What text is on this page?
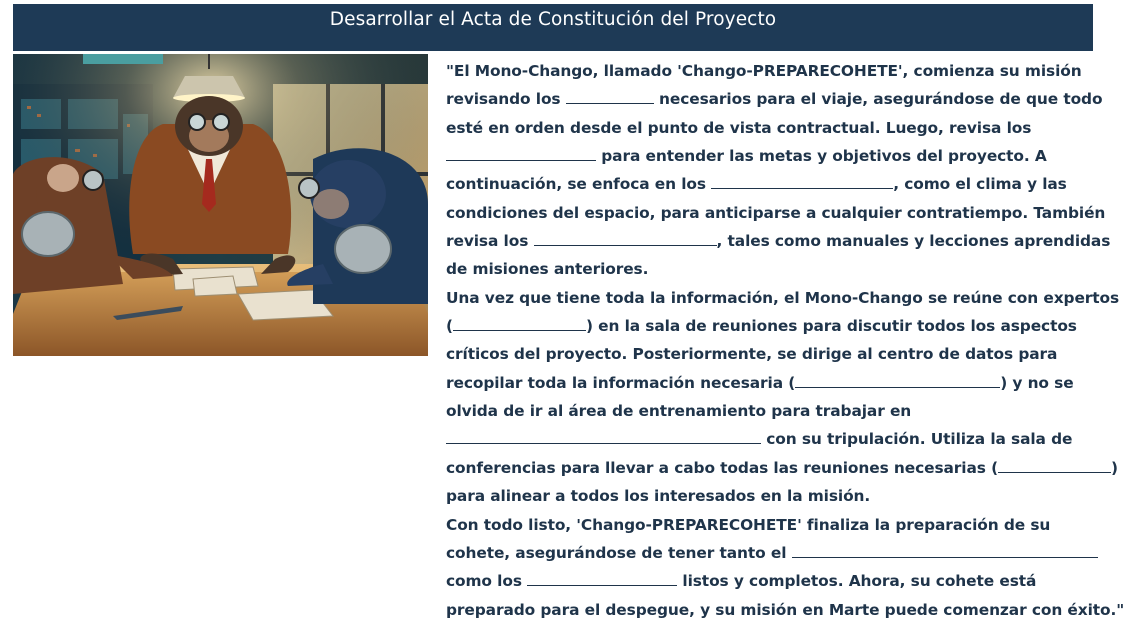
Desarrollar el Acta de Constitución del Proyecto
"El Mono-Chango, llamado 'Chango-PREPARECOHETE', comienza su misión
revisando los	necesarios para el viaje, asegurándose de que todo
esté en orden desde el punto de vista contractual. Luego, revisa los
para entender las metas y objetivos del proyecto. A
continuación, se enfoca en los	, como el clima y las
condiciones del espacio, para anticiparse a cualquier contratiempo. También
revisa los	, tales como manuales y lecciones aprendidas
de misiones anteriores.
Una vez que tiene toda la información, el Mono-Chango se reúne con expertos
(	) en la sala de reuniones para discutir todos los aspectos
críticos del proyecto. Posteriormente, se dirige al centro de datos para
recopilar toda la información necesaria (	) y no se
olvida de ir al área de entrenamiento para trabajar en
con su tripulación. Utiliza la sala de
conferencias para llevar a cabo todas las reuniones necesarias (	)
para alinear a todos los interesados en la misión.
Con todo listo, 'Chango-PREPARECOHETE' finaliza la preparación de su
cohete, asegurándose de tener tanto el
como los	listos y completos. Ahora, su cohete está
preparado para el despegue, y su misión en Marte puede comenzar con éxito."
